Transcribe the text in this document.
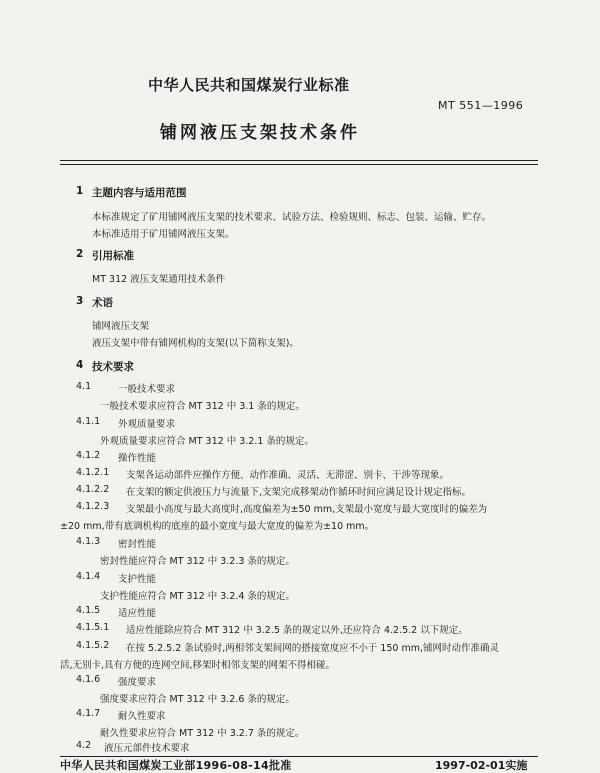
中华人民共和国煤炭行业标准
MT 551—1996
铺网液压支架技术条件
1 主题内容与适用范围
本标准规定了矿用铺网液压支架的技术要求、试验方法、检验规则、标志、包装、运输、贮存。
本标准适用于矿用铺网液压支架。
2 引用标准
MT 312 液压支架通用技术条件
3 术语
铺网液压支架
液压支架中带有铺网机构的支架(以下简称支架)。
4 技术要求
4.1	一般技术要求
一般技术要求应符合 MT 312 中 3.1 条的规定。
4.1.1 外观质量要求
外观质量要求应符合 MT 312 中 3.2.1 条的规定。
4.1.2 操作性能
4.1.2.1 支架各运动部件应操作方便、动作准确、灵活、无滞涩、别卡、干涉等现象。
4.1.2.2 在支架的额定供液压力与流量下,支架完成移架动作循环时间应满足设计规定指标。
4.1.2.3 支架最小高度与最大高度时,高度偏差为±50 mm,支架最小宽度与最大宽度时的偏差为
±20 mm,带有底调机构的底座的最小宽度与最大宽度的偏差为±10 mm。
4.1.3 密封性能
密封性能应符合 MT 312 中 3.2.3 条的规定。
4.1.4 支护性能
支护性能应符合 MT 312 中 3.2.4 条的规定。
4.1.5 适应性能
4.1.5.1 适应性能除应符合 MT 312 中 3.2.5 条的规定以外,还应符合 4.2.5.2 以下规定。
4.1.5.2 在按 5.2.5.2 条试验时,两相邻支架间网的搭接宽度应不小于 150 mm,铺网时动作准确灵
活,无别卡,具有方便的连网空间,移架时相邻支架的网架不得相碰。
4.1.6 强度要求
强度要求应符合 MT 312 中 3.2.6 条的规定。
4.1.7 耐久性要求
耐久性要求应符合 MT 312 中 3.2.7 条的规定。
4.2 液压元部件技术要求
中华人民共和国煤炭工业部1996-08-14批准	1997-02-01实施
